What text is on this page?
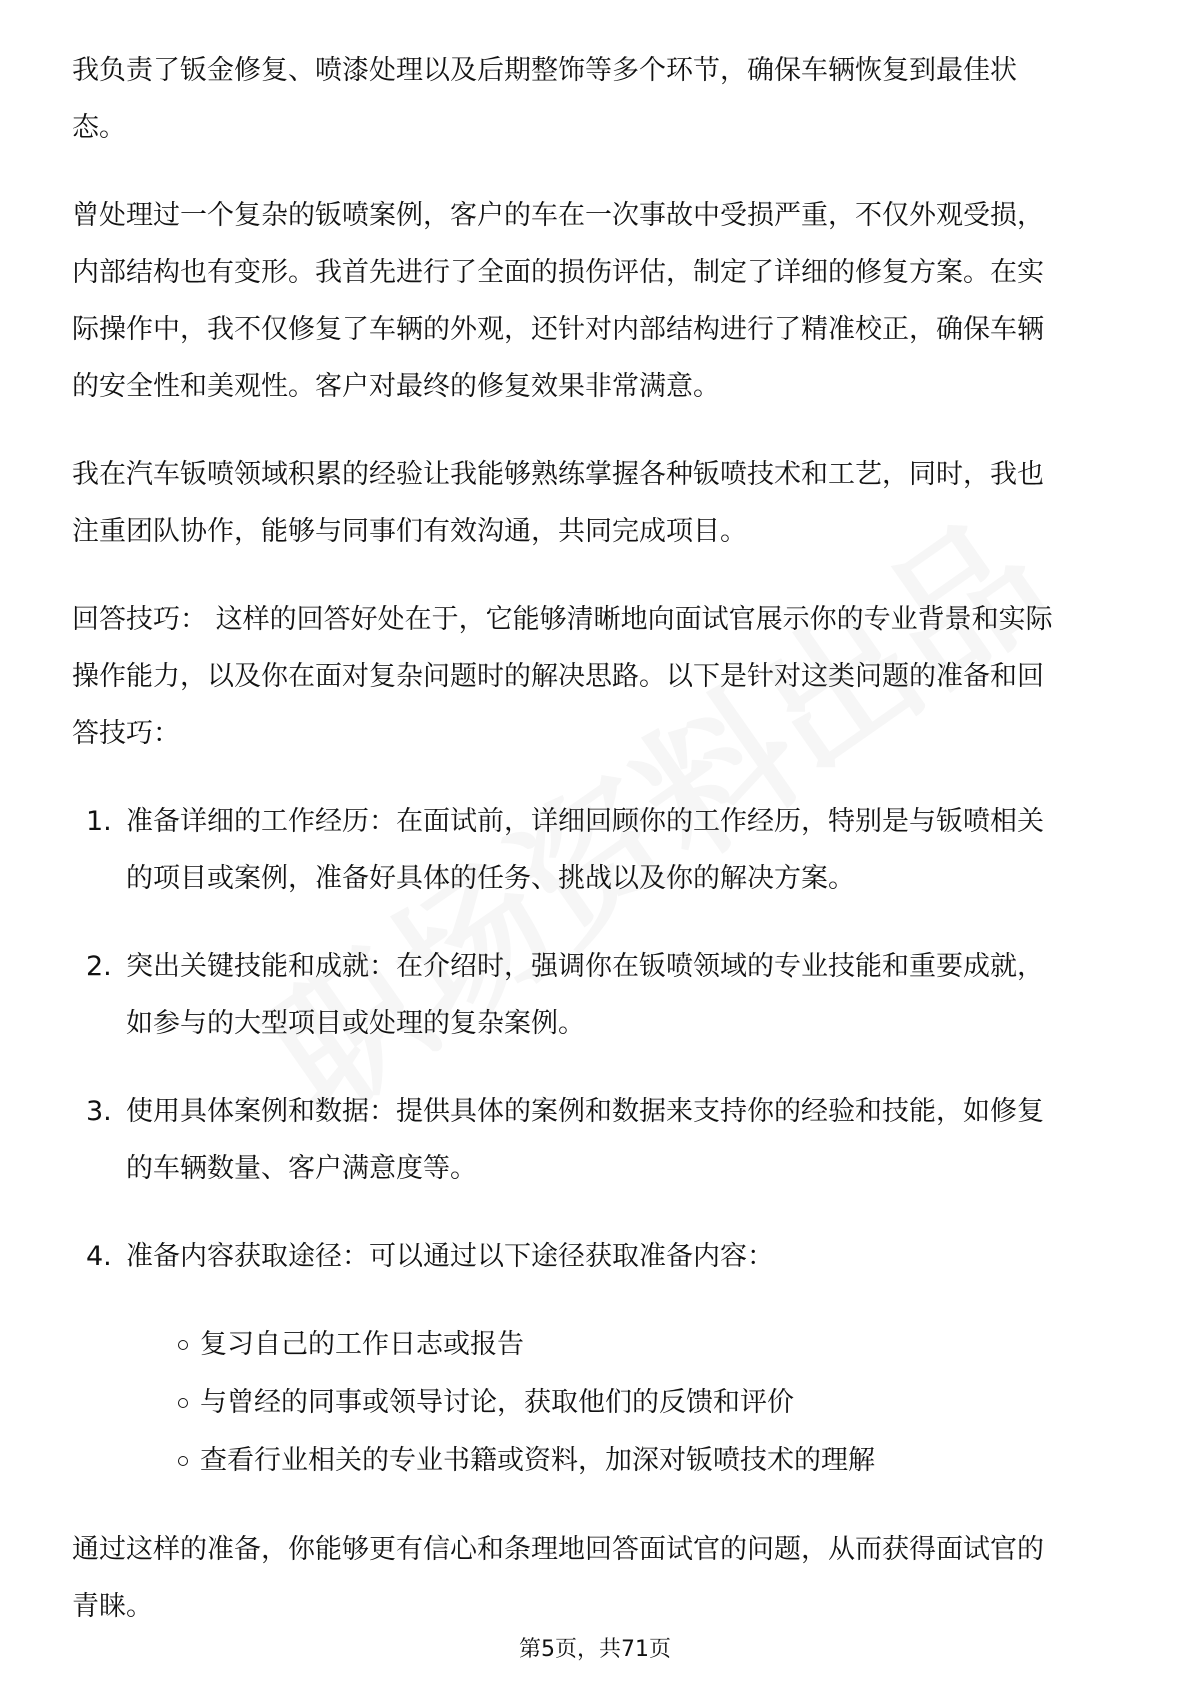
我负责了钣金修复、喷漆处理以及后期整饰等多个环节，确保车辆恢复到最佳状
态。
曾处理过一个复杂的钣喷案例，客户的车在一次事故中受损严重，不仅外观受损，
内部结构也有变形。我首先进行了全面的损伤评估，制定了详细的修复方案。在实
际操作中，我不仅修复了车辆的外观，还针对内部结构进行了精准校正，确保车辆
的安全性和美观性。客户对最终的修复效果非常满意。
我在汽车钣喷领域积累的经验让我能够熟练掌握各种钣喷技术和工艺，同时，我也
注重团队协作，能够与同事们有效沟通，共同完成项目。
回答技巧： 这样的回答好处在于，它能够清晰地向面试官展示你的专业背景和实际
操作能力，以及你在面对复杂问题时的解决思路。以下是针对这类问题的准备和回
答技巧：
1. 准备详细的工作经历：在面试前，详细回顾你的工作经历，特别是与钣喷相关
的项目或案例，准备好具体的任务、挑战以及你的解决方案。
2. 突出关键技能和成就：在介绍时，强调你在钣喷领域的专业技能和重要成就，
如参与的大型项目或处理的复杂案例。
3. 使用具体案例和数据：提供具体的案例和数据来支持你的经验和技能，如修复
的车辆数量、客户满意度等。
4. 准备内容获取途径：可以通过以下途径获取准备内容：
复习自己的工作日志或报告
与曾经的同事或领导讨论，获取他们的反馈和评价
查看行业相关的专业书籍或资料，加深对钣喷技术的理解
通过这样的准备，你能够更有信心和条理地回答面试官的问题，从而获得面试官的
青睐。
第5页，共71页
